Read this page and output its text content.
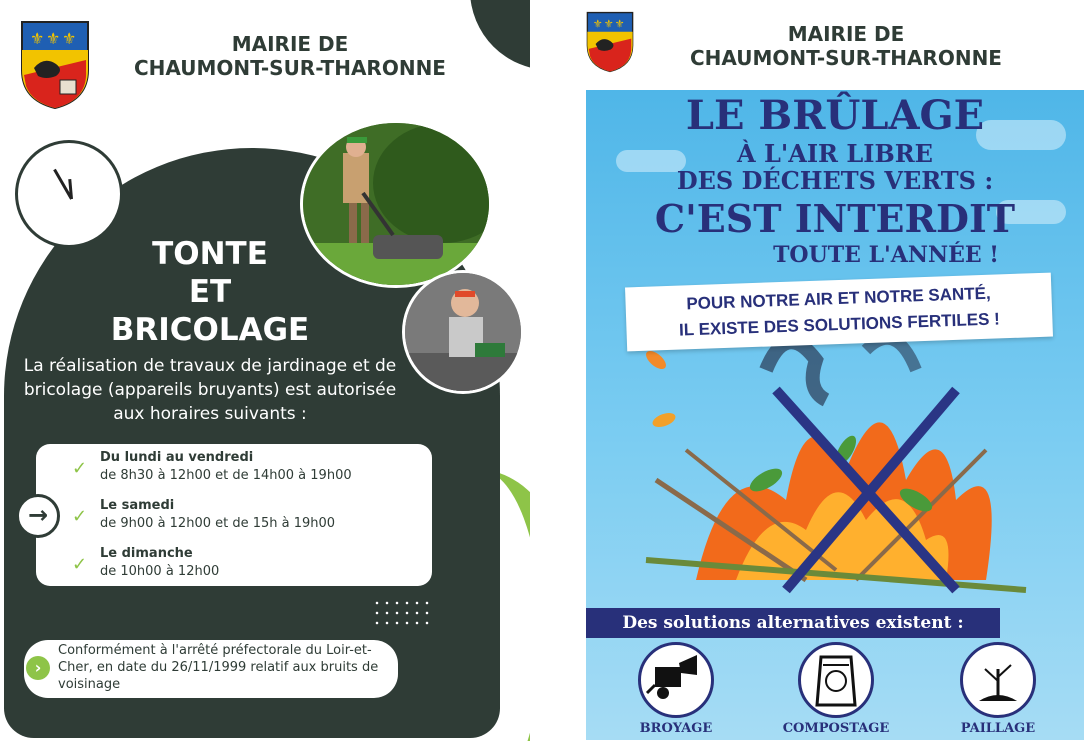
⚜ ⚜ ⚜	MAIRIE DE
CHAUMONT-SUR-THARONNE
TONTE
ET
BRICOLAGE
La réalisation de travaux de jardinage et de bricolage (appareils bruyants) est autorisée aux horaires suivants :
✓
Du lundi au vendredi
de 8h30 à 12h00 et de 14h00 à 19h00
✓
Le samedi
de 9h00 à 12h00 et de 15h à 19h00
✓
Le dimanche
de 10h00 à 12h00
→
›
Conformément à l'arrêté préfectorale du Loir-et-Cher, en date du 26/11/1999 relatif aux bruits de voisinage
⚜ ⚜ ⚜	MAIRIE DE
CHAUMONT-SUR-THARONNE
LE BRÛLAGE
À L'AIR LIBRE
DES DÉCHETS VERTS :
C'EST INTERDIT
TOUTE L'ANNÉE !
POUR NOTRE AIR ET NOTRE SANTÉ,
IL EXISTE DES SOLUTIONS FERTILES !
Des solutions alternatives existent :
BROYAGE	COMPOSTAGE	PAILLAGE
